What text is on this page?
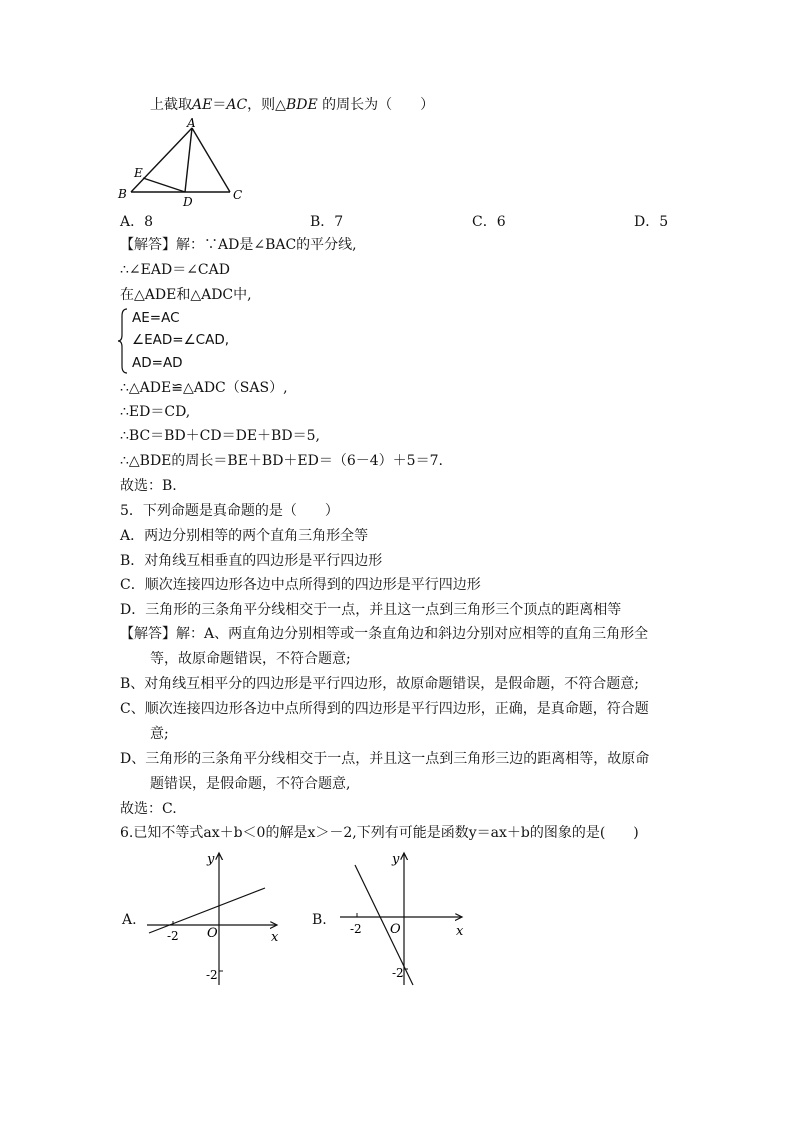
上截取AE＝AC，则△BDE 的周长为（　　）
A
E
B
D	C
A．8	B．7	C．6	D．5
【解答】解：∵AD是∠BAC的平分线,
∴∠EAD＝∠CAD
在△ADE和△ADC中,
AE=AC
∠EAD=∠CAD,
AD=AD
∴△ADE≌△ADC（SAS）,
∴ED＝CD,
∴BC＝BD＋CD＝DE＋BD＝5,
∴△BDE的周长＝BE＋BD＋ED＝（6－4）＋5＝7.
故选：B.
5．下列命题是真命题的是（　　）
A．两边分别相等的两个直角三角形全等
B．对角线互相垂直的四边形是平行四边形
C．顺次连接四边形各边中点所得到的四边形是平行四边形
D．三角形的三条角平分线相交于一点，并且这一点到三角形三个顶点的距离相等
【解答】解：A、两直角边分别相等或一条直角边和斜边分别对应相等的直角三角形全
等，故原命题错误，不符合题意;
B、对角线互相平分的四边形是平行四边形，故原命题错误，是假命题，不符合题意;
C、顺次连接四边形各边中点所得到的四边形是平行四边形，正确，是真命题，符合题
意;
D、三角形的三条角平分线相交于一点，并且这一点到三角形三边的距离相等，故原命
题错误，是假命题，不符合题意,
故选：C.
6.已知不等式ax＋b＜0的解是x＞－2,下列有可能是函数y＝ax＋b的图象的是(　　)
A.
y
x
O
-2
-2
B.
y
x
O
-2
-2
